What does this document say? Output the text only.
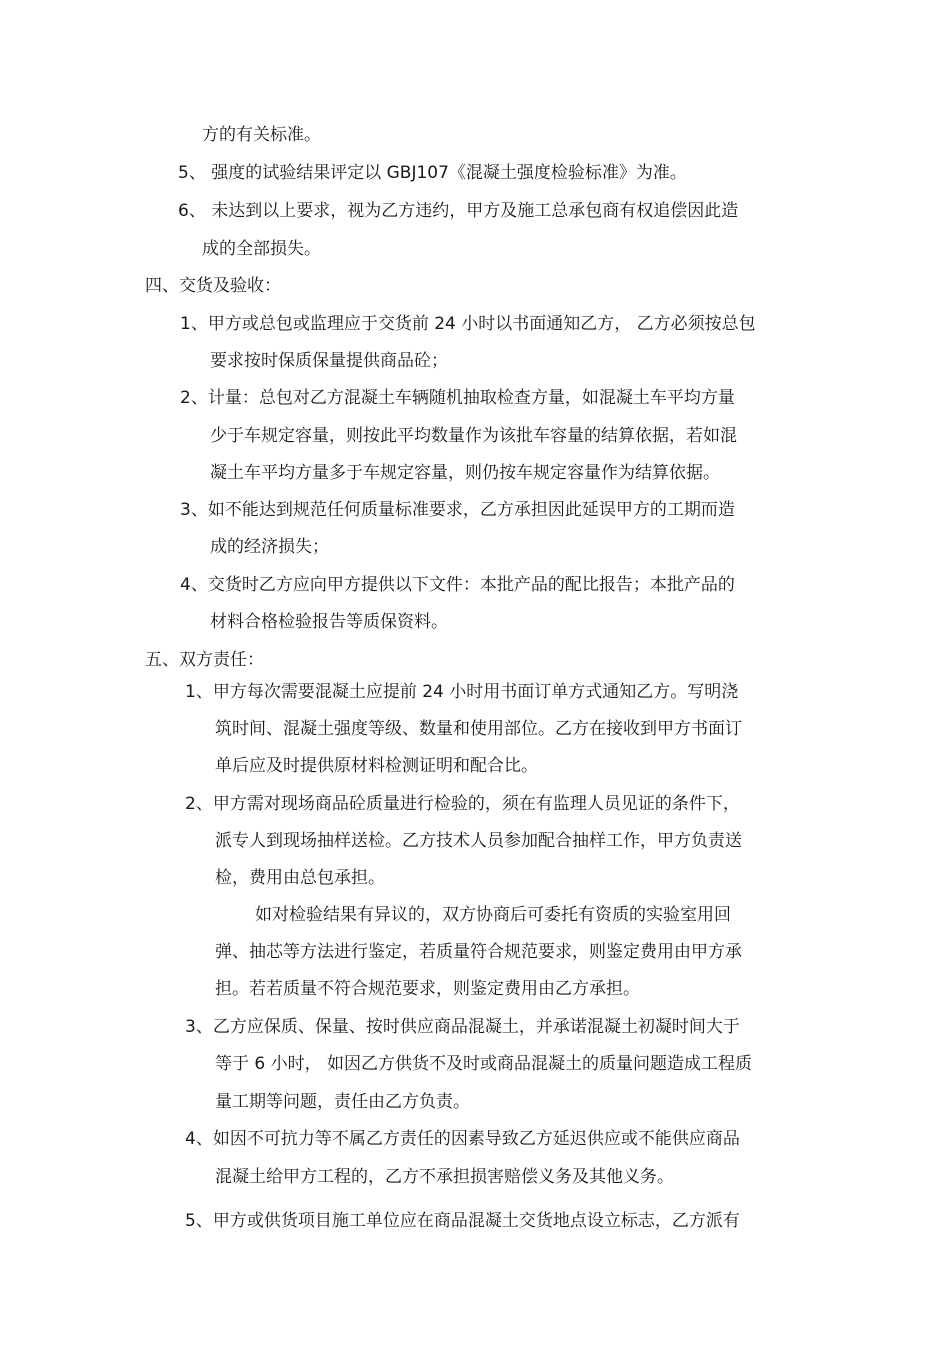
方的有关标准。
5、 强度的试验结果评定以 GBJ107《混凝土强度检验标准》为准。
6、 未达到以上要求，视为乙方违约，甲方及施工总承包商有权追偿因此造
成的全部损失。
四、交货及验收：
1、甲方或总包或监理应于交货前 24 小时以书面通知乙方， 乙方必须按总包
要求按时保质保量提供商品砼；
2、计量：总包对乙方混凝土车辆随机抽取检查方量，如混凝土车平均方量
少于车规定容量，则按此平均数量作为该批车容量的结算依据，若如混
凝土车平均方量多于车规定容量，则仍按车规定容量作为结算依据。
3、如不能达到规范任何质量标准要求，乙方承担因此延误甲方的工期而造
成的经济损失；
4、交货时乙方应向甲方提供以下文件：本批产品的配比报告；本批产品的
材料合格检验报告等质保资料。
五、双方责任：
1、甲方每次需要混凝土应提前 24 小时用书面订单方式通知乙方。写明浇
筑时间、混凝土强度等级、数量和使用部位。乙方在接收到甲方书面订
单后应及时提供原材料检测证明和配合比。
2、甲方需对现场商品砼质量进行检验的，须在有监理人员见证的条件下，
派专人到现场抽样送检。乙方技术人员参加配合抽样工作，甲方负责送
检，费用由总包承担。
如对检验结果有异议的，双方协商后可委托有资质的实验室用回
弹、抽芯等方法进行鉴定，若质量符合规范要求，则鉴定费用由甲方承
担。若若质量不符合规范要求，则鉴定费用由乙方承担。
3、乙方应保质、保量、按时供应商品混凝土，并承诺混凝土初凝时间大于
等于 6 小时， 如因乙方供货不及时或商品混凝土的质量问题造成工程质
量工期等问题，责任由乙方负责。
4、如因不可抗力等不属乙方责任的因素导致乙方延迟供应或不能供应商品
混凝土给甲方工程的，乙方不承担损害赔偿义务及其他义务。
5、甲方或供货项目施工单位应在商品混凝土交货地点设立标志，乙方派有
